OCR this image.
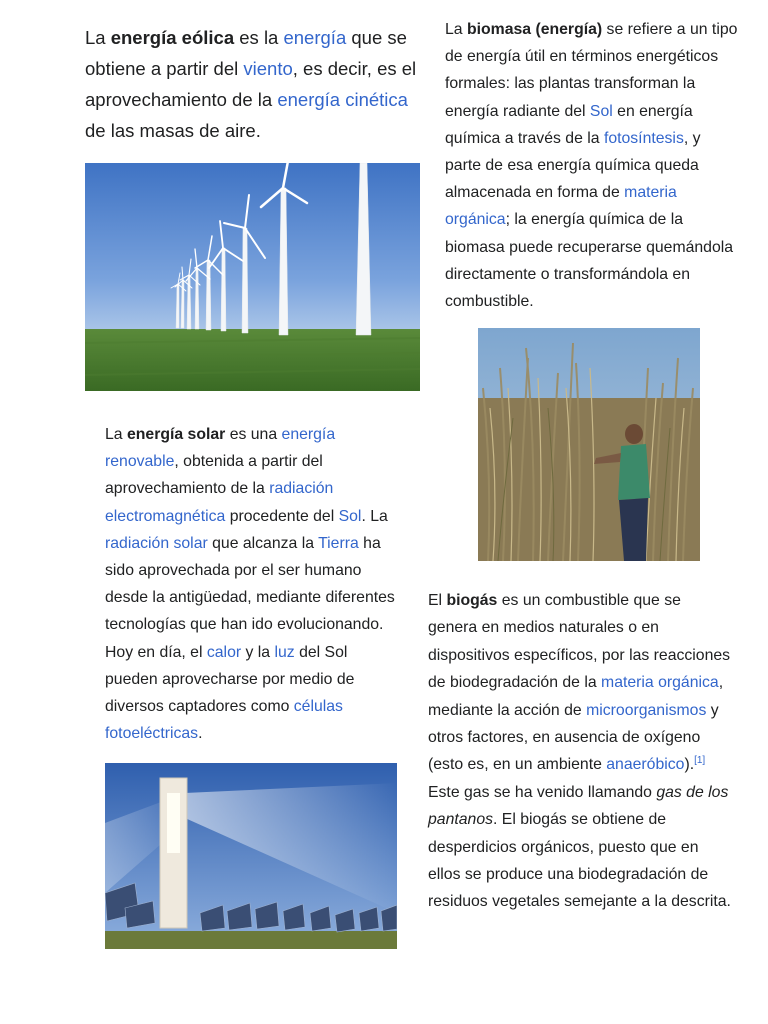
La energía eólica es la energía que se obtiene a partir del viento, es decir, es el aprovechamiento de la energía cinética de las masas de aire.

La biomasa (energía) se refiere a un tipo de energía útil en términos energéticos formales: las plantas transforman la energía radiante del Sol en energía química a través de la fotosíntesis, y parte de esa energía química queda almacenada en forma de materia orgánica; la energía química de la biomasa puede recuperarse quemándola directamente o transformándola en combustible.

La energía solar es una energía renovable, obtenida a partir del aprovechamiento de la radiación electromagnética procedente del Sol. La radiación solar que alcanza la Tierra ha sido aprovechada por el ser humano desde la antigüedad, mediante diferentes tecnologías que han ido evolucionando. Hoy en día, el calor y la luz del Sol pueden aprovecharse por medio de diversos captadores como células fotoeléctricas.

El biogás es un combustible que se genera en medios naturales o en dispositivos específicos, por las reacciones de biodegradación de la materia orgánica, mediante la acción de microorganismos y otros factores, en ausencia de oxígeno (esto es, en un ambiente anaeróbico).[1] Este gas se ha venido llamando gas de los pantanos. El biogás se obtiene de desperdicios orgánicos, puesto que en ellos se produce una biodegradación de residuos vegetales semejante a la descrita.
